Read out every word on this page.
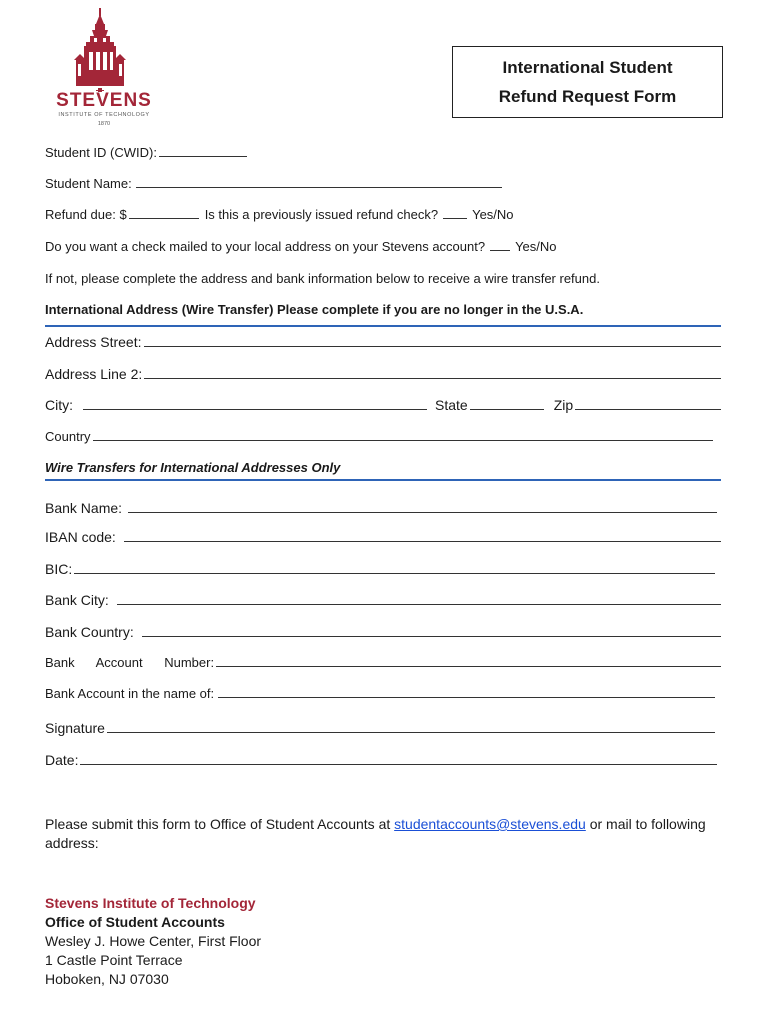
STEVENS
INSTITUTE OF TECHNOLOGY
1870
International Student
Refund Request Form
Student ID (CWID):
Student Name:
Refund due: $	Is this a previously issued refund check?	Yes/No
Do you want a check mailed to your local address on your Stevens account? Yes/No
If not, please complete the address and bank information below to receive a wire transfer refund.
International Address (Wire Transfer) Please complete if you are no longer in the U.S.A.
Address Street:
Address Line 2:
City:	State	Zip
Country
Wire Transfers for International Addresses Only
Bank Name:
IBAN code:
BIC:
Bank City:
Bank Country:
Bank      Account      Number:
Bank Account in the name of:
Signature
Date:
Please submit this form to Office of Student Accounts at studentaccounts@stevens.edu or mail to following
address:
Stevens Institute of Technology
Office of Student Accounts
Wesley J. Howe Center, First Floor
1 Castle Point Terrace
Hoboken, NJ 07030
